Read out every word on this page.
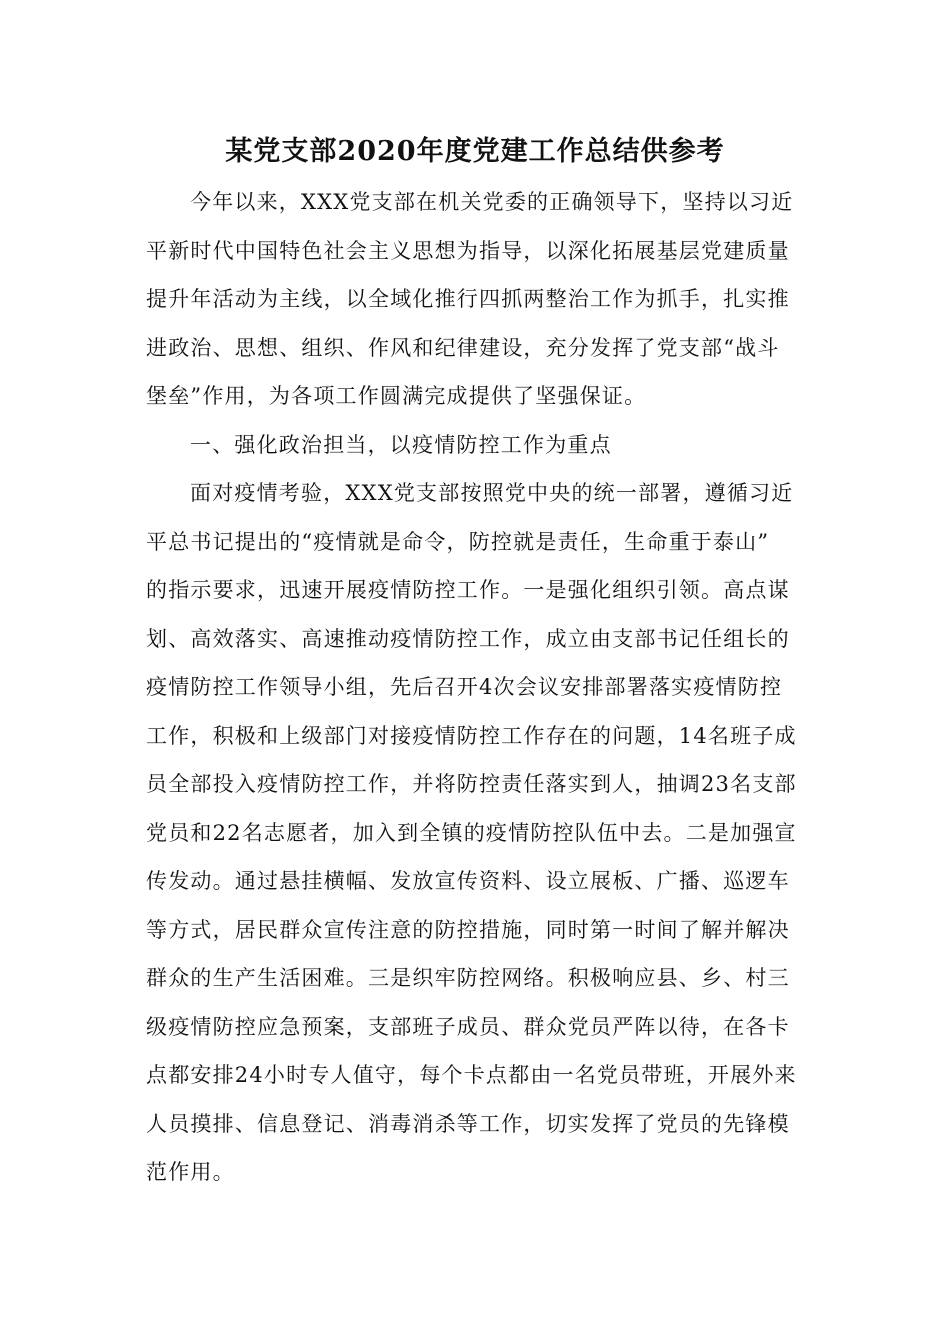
某党支部2020年度党建工作总结供参考
今年以来，XXX党支部在机关党委的正确领导下，坚持以习近
平新时代中国特色社会主义思想为指导，以深化拓展基层党建质量
提升年活动为主线，以全域化推行四抓两整治工作为抓手，扎实推
进政治、思想、组织、作风和纪律建设，充分发挥了党支部“战斗
堡垒”作用，为各项工作圆满完成提供了坚强保证。
一、强化政治担当，以疫情防控工作为重点
面对疫情考验，XXX党支部按照党中央的统一部署，遵循习近
平总书记提出的“疫情就是命令，防控就是责任，生命重于泰山”
的指示要求，迅速开展疫情防控工作。一是强化组织引领。高点谋
划、高效落实、高速推动疫情防控工作，成立由支部书记任组长的
疫情防控工作领导小组，先后召开4次会议安排部署落实疫情防控
工作，积极和上级部门对接疫情防控工作存在的问题，14名班子成
员全部投入疫情防控工作，并将防控责任落实到人，抽调23名支部
党员和22名志愿者，加入到全镇的疫情防控队伍中去。二是加强宣
传发动。通过悬挂横幅、发放宣传资料、设立展板、广播、巡逻车
等方式，居民群众宣传注意的防控措施，同时第一时间了解并解决
群众的生产生活困难。三是织牢防控网络。积极响应县、乡、村三
级疫情防控应急预案，支部班子成员、群众党员严阵以待，在各卡
点都安排24小时专人值守，每个卡点都由一名党员带班，开展外来
人员摸排、信息登记、消毒消杀等工作，切实发挥了党员的先锋模
范作用。
